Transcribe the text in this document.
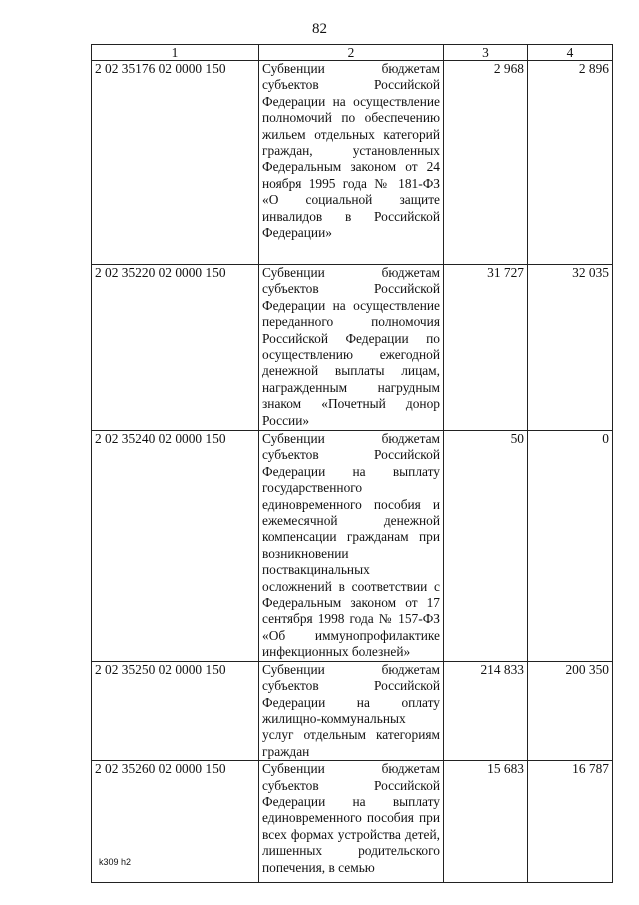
82
1	2	3	4
2 02 35176 02 0000 150	Субвенции бюджетам субъектов Российской Федерации на осуществление полномочий по обеспечению жильем отдельных категорий граждан, установленных Федеральным законом от 24 ноября 1995 года № 181-ФЗ «О социальной защите инвалидов в Российской Федерации»	2 968	2 896
2 02 35220 02 0000 150	Субвенции бюджетам субъектов Российской Федерации на осуществление переданного полномочия Российской Федерации по осуществлению ежегодной денежной выплаты лицам, награжденным нагрудным знаком «Почетный донор России»	31 727	32 035
2 02 35240 02 0000 150	Субвенции бюджетам субъектов Российской Федерации на выплату государственного единовременного пособия и ежемесячной денежной компенсации гражданам при возникновении поствакцинальных осложнений в соответствии с Федеральным законом от 17 сентября 1998 года № 157-ФЗ «Об иммунопрофилактике инфекционных болезней»	50	0
2 02 35250 02 0000 150	Субвенции бюджетам субъектов Российской Федерации на оплату жилищно-коммунальных услуг отдельным категориям граждан	214 833	200 350
2 02 35260 02 0000 150	Субвенции бюджетам субъектов Российской Федерации на выплату единовременного пособия при всех формах устройства детей, лишенных родительского попечения, в семью	15 683	16 787
k309 h2
